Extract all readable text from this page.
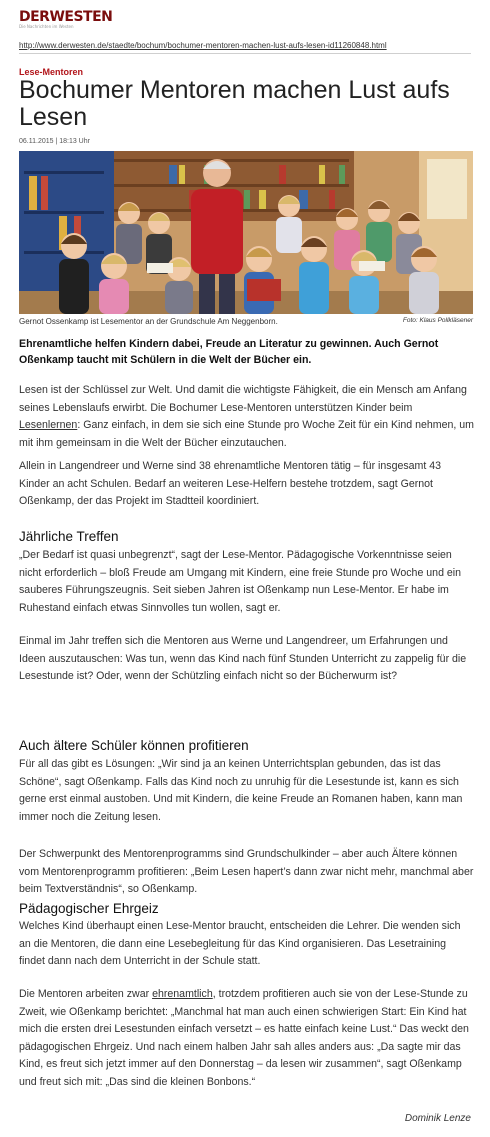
DERWESTEN
Die Nachrichten im Westen
http://www.derwesten.de/staedte/bochum/bochumer-mentoren-machen-lust-aufs-lesen-id11260848.html
Lese-Mentoren
Bochumer Mentoren machen Lust aufs Lesen
06.11.2015 | 18:13 Uhr
Gernot Ossenkamp ist Lesementor an der Grundschule Am Neggenborn.	Foto: Klaus Pollkläsener

Ehrenamtliche helfen Kindern dabei, Freude an Literatur zu gewinnen. Auch Gernot Oßenkamp taucht mit Schülern in die Welt der Bücher ein.

Lesen ist der Schlüssel zur Welt. Und damit die wichtigste Fähigkeit, die ein Mensch am Anfang seines Lebenslaufs erwirbt. Die Bochumer Lese-Mentoren unterstützen Kinder beim Lesenlernen: Ganz einfach, in dem sie sich eine Stunde pro Woche Zeit für ein Kind nehmen, um mit ihm gemeinsam in die Welt der Bücher einzutauchen.

Allein in Langendreer und Werne sind 38 ehrenamtliche Mentoren tätig – für insgesamt 43 Kinder an acht Schulen. Bedarf an weiteren Lese-Helfern bestehe trotzdem, sagt Gernot Oßenkamp, der das Projekt im Stadtteil koordiniert.

Jährliche Treffen

„Der Bedarf ist quasi unbegrenzt“, sagt der Lese-Mentor. Pädagogische Vorkenntnisse seien nicht erforderlich – bloß Freude am Umgang mit Kindern, eine freie Stunde pro Woche und ein sauberes Führungszeugnis. Seit sieben Jahren ist Oßenkamp nun Lese-Mentor. Er habe im Ruhestand einfach etwas Sinnvolles tun wollen, sagt er.

Einmal im Jahr treffen sich die Mentoren aus Werne und Langendreer, um Erfahrungen und Ideen auszutauschen: Was tun, wenn das Kind nach fünf Stunden Unterricht zu zappelig für die Lesestunde ist? Oder, wenn der Schützling einfach nicht so der Bücherwurm ist?

Auch ältere Schüler können profitieren

Für all das gibt es Lösungen: „Wir sind ja an keinen Unterrichtsplan gebunden, das ist das Schöne“, sagt Oßenkamp. Falls das Kind noch zu unruhig für die Lesestunde ist, kann es sich gerne erst einmal austoben. Und mit Kindern, die keine Freude an Romanen haben, kann man immer noch die Zeitung lesen.

Der Schwerpunkt des Mentorenprogramms sind Grundschulkinder – aber auch Ältere können vom Mentorenprogramm profitieren: „Beim Lesen hapert’s dann zwar nicht mehr, manchmal aber beim Textverständnis“, so Oßenkamp.

Pädagogischer Ehrgeiz

Welches Kind überhaupt einen Lese-Mentor braucht, entscheiden die Lehrer. Die wenden sich an die Mentoren, die dann eine Lesebegleitung für das Kind organisieren. Das Lesetraining findet dann nach dem Unterricht in der Schule statt.

Die Mentoren arbeiten zwar ehrenamtlich, trotzdem profitieren auch sie von der Lese-Stunde zu Zweit, wie Oßenkamp berichtet: „Manchmal hat man auch einen schwierigen Start: Ein Kind hat mich die ersten drei Lesestunden einfach versetzt – es hatte einfach keine Lust.“ Das weckt den pädagogischen Ehrgeiz. Und nach einem halben Jahr sah alles anders aus: „Da sagte mir das Kind, es freut sich jetzt immer auf den Donnerstag – da lesen wir zusammen“, sagt Oßenkamp und freut sich mit: „Das sind die kleinen Bonbons.“

Dominik Lenze
